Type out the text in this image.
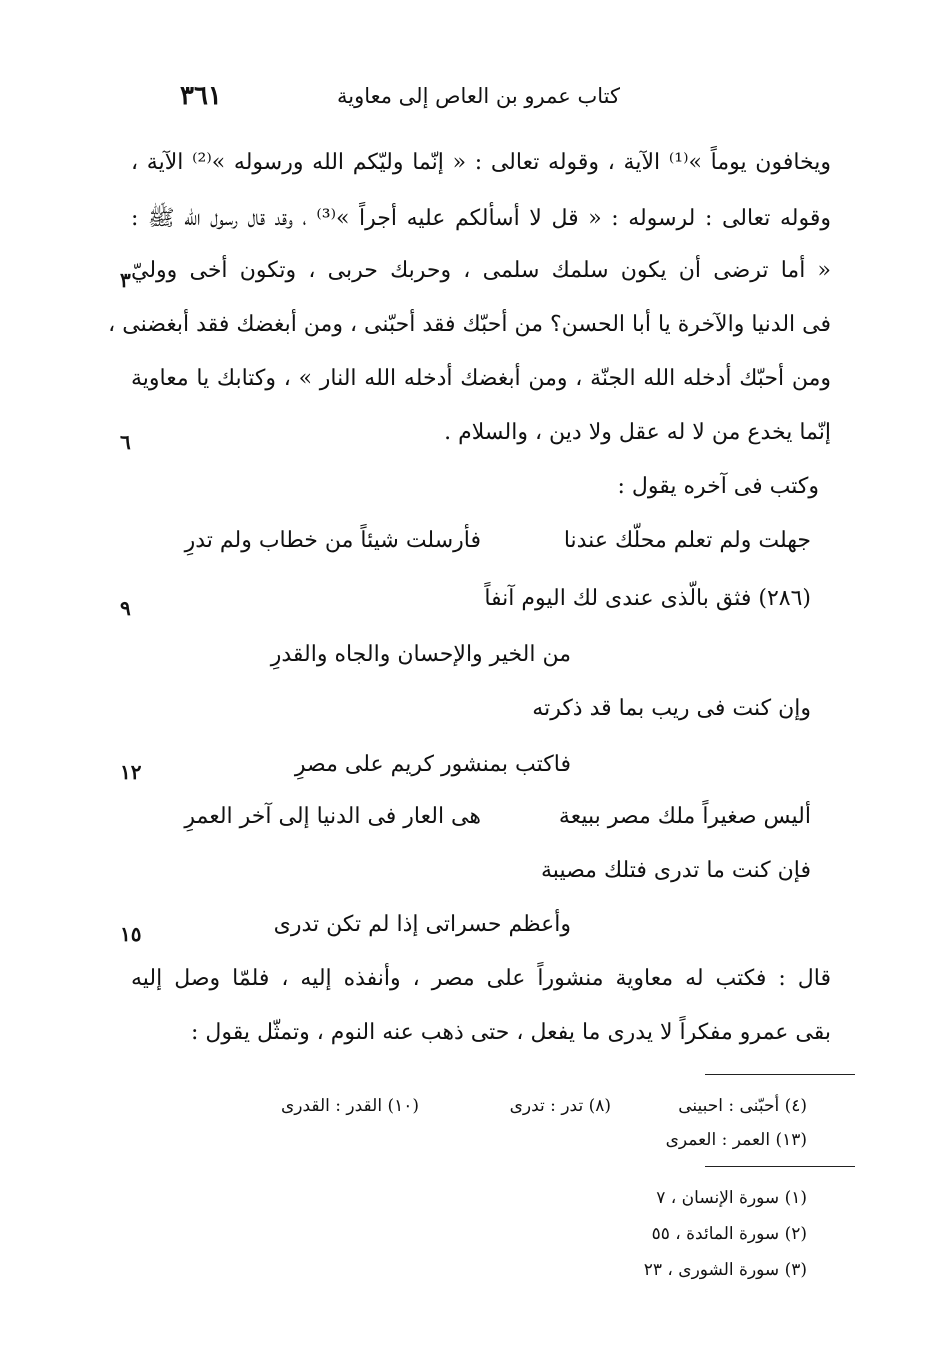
٣٦١	كتاب عمرو بن العاص إلى معاوية
ويخافون يوماً »⁽¹⁾ الآية ، وقوله تعالى : « إنّما وليّكم الله ورسوله »⁽²⁾ الآية ،
وقوله تعالى : لرسوله : « قل لا أسألكم عليه أجراً »⁽³⁾ ، وقد قال رسول الله ﷺ :
« أما ترضى أن يكون سلمك سلمى ، وحربك حربى ، وتكون أخى ووليّ
فى الدنيا والآخرة يا أبا الحسن؟ من أحبّك فقد أحبّنى ، ومن أبغضك فقد أبغضنى ،
ومن أحبّك أدخله الله الجنّة ، ومن أبغضك أدخله الله النار » ، وكتابك يا معاوية
إنّما يخدع من لا له عقل ولا دين ، والسلام .
وكتب فى آخره يقول :
جهلت ولم تعلم محلّك عندنا
فأرسلت شيئاً من خطاب ولم تدرِ
(٢٨٦) فثق بالّذى عندى لك اليوم آنفاً
من الخير والإحسان والجاه والقدرِ
وإن كنت فى ريب بما قد ذكرته
فاكتب بمنشور كريم على مصرِ
أليس صغيراً ملك مصر ببيعة
هى العار فى الدنيا إلى آخر العمرِ
فإن كنت ما تدرى فتلك مصيبة
وأعظم حسراتى إذا لم تكن تدرى
قال : فكتب له معاوية منشوراً على مصر ، وأنفذه إليه ، فلمّا وصل إليه
بقى عمرو مفكراً لا يدرى ما يفعل ، حتى ذهب عنه النوم ، وتمثّل يقول :
٣
٦
٩
١٢
١٥
(٤) أحبّنى : احبينى
(٨) تدر : تدرى
(١٠) القدر : القدرى
(١٣) العمر : العمرى
(١) سورة الإنسان ، ٧
(٢) سورة المائدة ، ٥٥
(٣) سورة الشورى ، ٢٣
